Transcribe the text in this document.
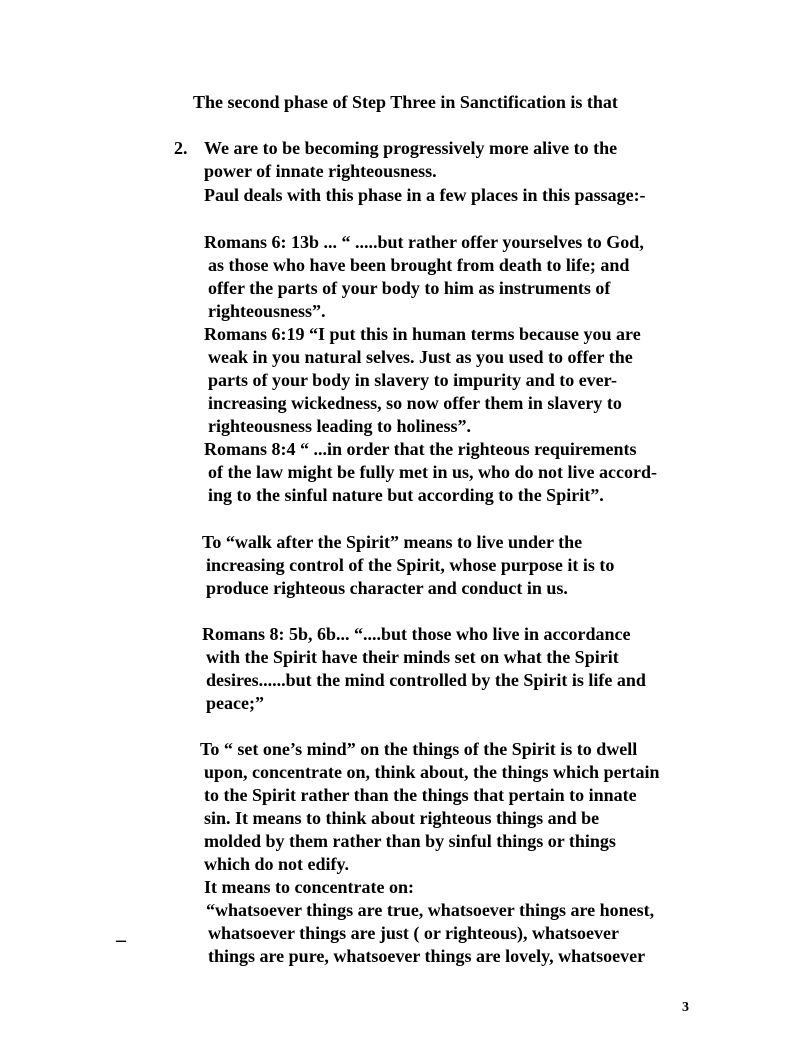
The second phase of Step Three in Sanctification is that
2. We are to be becoming progressively more alive to the
power of innate righteousness.
Paul deals with this phase in a few places in this passage:-
Romans 6: 13b ... “ .....but rather offer yourselves to God,
as those who have been brought from death to life; and
offer the parts of your body to him as instruments of
righteousness”.
Romans 6:19 “I put this in human terms because you are
weak in you natural selves. Just as you used to offer the
parts of your body in slavery to impurity and to ever-
increasing wickedness, so now offer them in slavery to
righteousness leading to holiness”.
Romans 8:4 “ ...in order that the righteous requirements
of the law might be fully met in us, who do not live accord-
ing to the sinful nature but according to the Spirit”.
To “walk after the Spirit” means to live under the
increasing control of the Spirit, whose purpose it is to
produce righteous character and conduct in us.
Romans 8: 5b, 6b... “....but those who live in accordance
with the Spirit have their minds set on what the Spirit
desires......but the mind controlled by the Spirit is life and
peace;”
To “ set one’s mind” on the things of the Spirit is to dwell
upon, concentrate on, think about, the things which pertain
to the Spirit rather than the things that pertain to innate
sin. It means to think about righteous things and be
molded by them rather than by sinful things or things
which do not edify.
It means to concentrate on:
“whatsoever things are true, whatsoever things are honest,
whatsoever things are just ( or righteous), whatsoever
things are pure, whatsoever things are lovely, whatsoever
–
3
